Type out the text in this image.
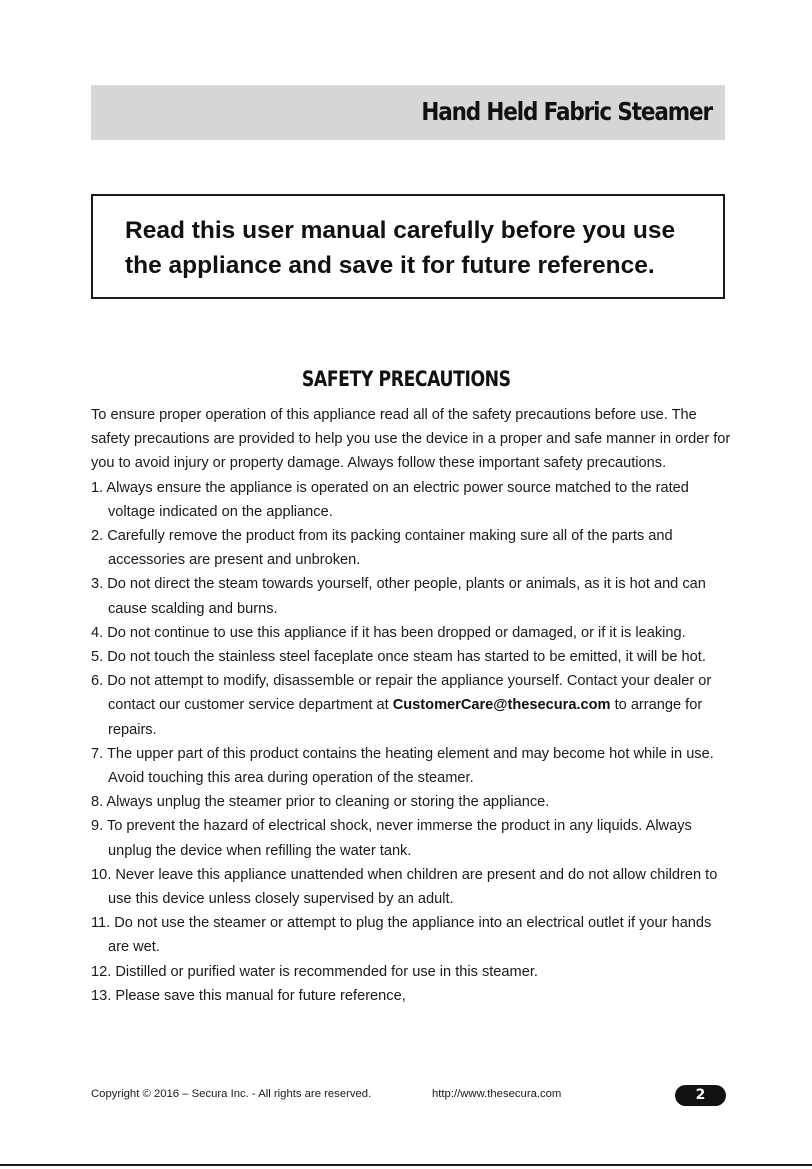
Hand Held Fabric Steamer
Read this user manual carefully before you use
the appliance and save it for future reference.
SAFETY PRECAUTIONS

To ensure proper operation of this appliance read all of the safety precautions before use. The safety precautions are provided to help you use the device in a proper and safe manner in order for you to avoid injury or property damage. Always follow these important safety precautions.

1. Always ensure the appliance is operated on an electric power source matched to the rated voltage indicated on the appliance.
2. Carefully remove the product from its packing container making sure all of the parts and accessories are present and unbroken.
3. Do not direct the steam towards yourself, other people, plants or animals, as it is hot and can cause scalding and burns.
4. Do not continue to use this appliance if it has been dropped or damaged, or if it is leaking.
5. Do not touch the stainless steel faceplate once steam has started to be emitted, it will be hot.
6. Do not attempt to modify, disassemble or repair the appliance yourself. Contact your dealer or contact our customer service department at CustomerCare@thesecura.com to arrange for repairs.
7. The upper part of this product contains the heating element and may become hot while in use. Avoid touching this area during operation of the steamer.
8. Always unplug the steamer prior to cleaning or storing the appliance.
9. To prevent the hazard of electrical shock, never immerse the product in any liquids. Always unplug the device when refilling the water tank.
10. Never leave this appliance unattended when children are present and do not allow children to use this device unless closely supervised by an adult.
11. Do not use the steamer or attempt to plug the appliance into an electrical outlet if your hands are wet.
12. Distilled or purified water is recommended for use in this steamer.
13. Please save this manual for future reference,
Copyright © 2016 – Secura Inc. - All rights are reserved.	http://www.thesecura.com	2
